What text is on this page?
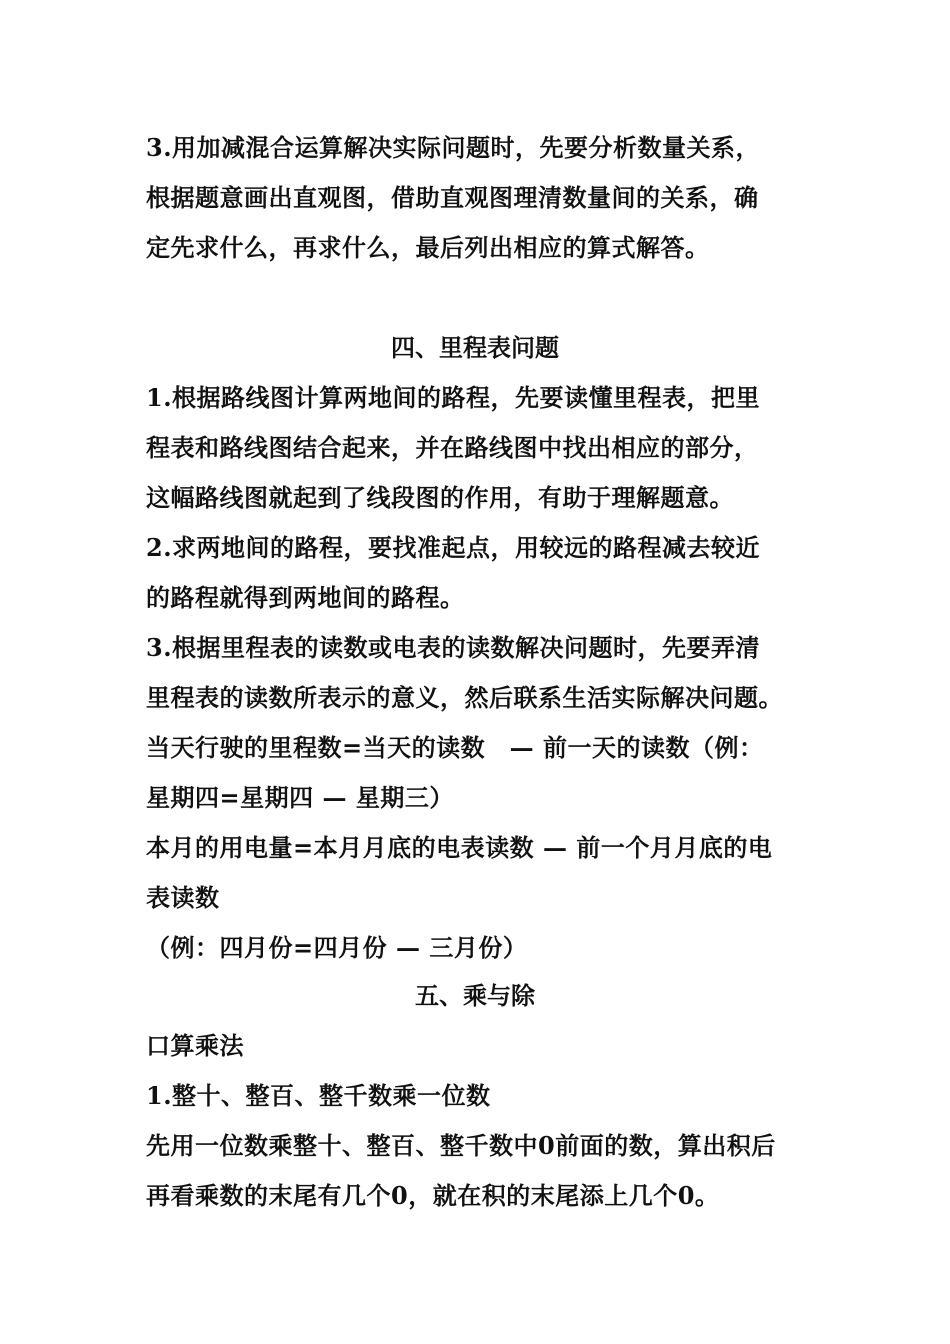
3.用加减混合运算解决实际问题时，先要分析数量关系，
根据题意画出直观图，借助直观图理清数量间的关系，确
定先求什么，再求什么，最后列出相应的算式解答。
四、里程表问题
1.根据路线图计算两地间的路程，先要读懂里程表，把里
程表和路线图结合起来，并在路线图中找出相应的部分，
这幅路线图就起到了线段图的作用，有助于理解题意。
2.求两地间的路程，要找准起点，用较远的路程减去较近
的路程就得到两地间的路程。
3.根据里程表的读数或电表的读数解决问题时，先要弄清
里程表的读数所表示的意义，然后联系生活实际解决问题。
当天行驶的里程数=当天的读数　— 前一天的读数（例：
星期四=星期四 — 星期三）
本月的用电量=本月月底的电表读数 — 前一个月月底的电
表读数
（例：四月份=四月份 — 三月份）
五、乘与除
口算乘法
1.整十、整百、整千数乘一位数
先用一位数乘整十、整百、整千数中0前面的数，算出积后
再看乘数的末尾有几个0，就在积的末尾添上几个0。
